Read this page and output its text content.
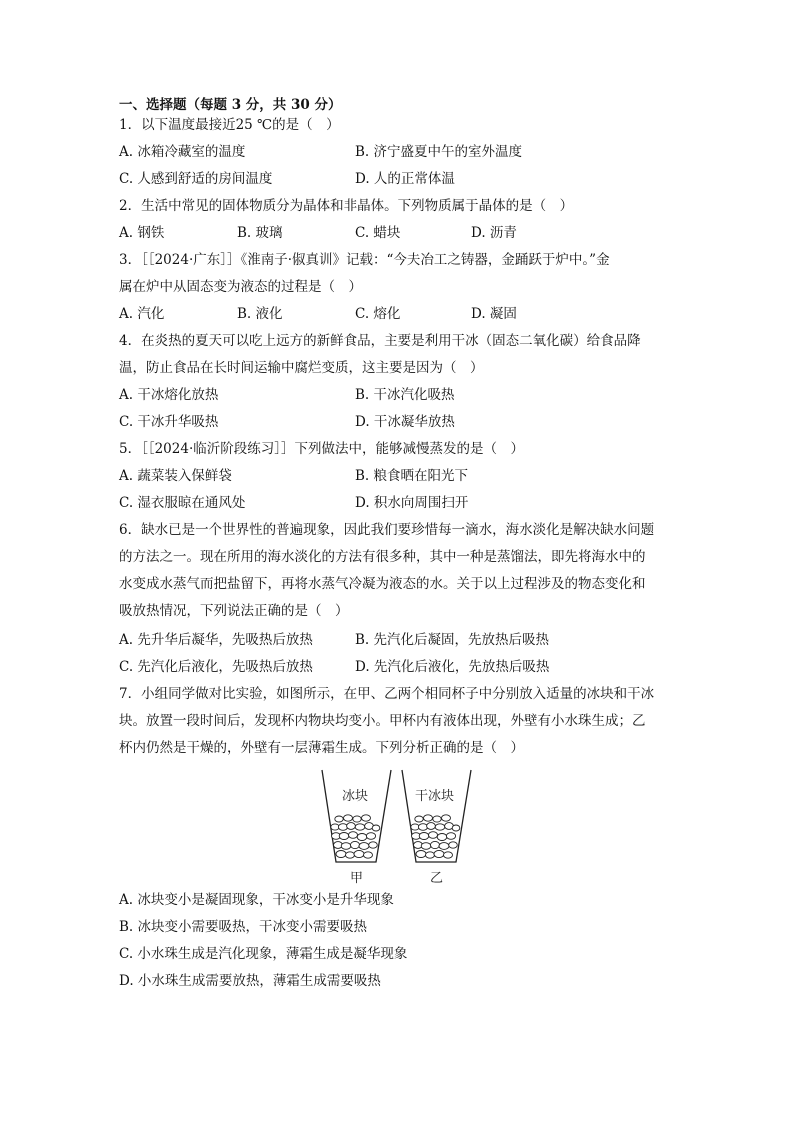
一、选择题（每题 3 分，共 30 分）
1．以下温度最接近25 ℃的是（　）
A. 冰箱冷藏室的温度	B. 济宁盛夏中午的室外温度
C. 人感到舒适的房间温度	D. 人的正常体温
2．生活中常见的固体物质分为晶体和非晶体。下列物质属于晶体的是（　）
A. 钢铁	B. 玻璃	C. 蜡块	D. 沥青
3．［［2024·广东］］《淮南子·俶真训》记载：“今夫冶工之铸器，金踊跃于炉中。”金
属在炉中从固态变为液态的过程是（　）
A. 汽化	B. 液化	C. 熔化	D. 凝固
4．在炎热的夏天可以吃上远方的新鲜食品，主要是利用干冰（固态二氧化碳）给食品降
温，防止食品在长时间运输中腐烂变质，这主要是因为（　）
A. 干冰熔化放热	B. 干冰汽化吸热
C. 干冰升华吸热	D. 干冰凝华放热
5．［［2024·临沂阶段练习］］下列做法中，能够减慢蒸发的是（　）
A. 蔬菜装入保鲜袋	B. 粮食晒在阳光下
C. 湿衣服晾在通风处	D. 积水向周围扫开
6．缺水已是一个世界性的普遍现象，因此我们要珍惜每一滴水，海水淡化是解决缺水问题
的方法之一。现在所用的海水淡化的方法有很多种，其中一种是蒸馏法，即先将海水中的
水变成水蒸气而把盐留下，再将水蒸气冷凝为液态的水。关于以上过程涉及的物态变化和
吸放热情况，下列说法正确的是（　）
A. 先升华后凝华，先吸热后放热	B. 先汽化后凝固，先放热后吸热
C. 先汽化后液化，先吸热后放热	D. 先汽化后液化，先放热后吸热
7．小组同学做对比实验，如图所示，在甲、乙两个相同杯子中分别放入适量的冰块和干冰
块。放置一段时间后，发现杯内物块均变小。甲杯内有液体出现，外壁有小水珠生成；乙
杯内仍然是干燥的，外壁有一层薄霜生成。下列分析正确的是（　）
冰块	干冰块
甲	乙
A. 冰块变小是凝固现象，干冰变小是升华现象
B. 冰块变小需要吸热，干冰变小需要吸热
C. 小水珠生成是汽化现象，薄霜生成是凝华现象
D. 小水珠生成需要放热，薄霜生成需要吸热
